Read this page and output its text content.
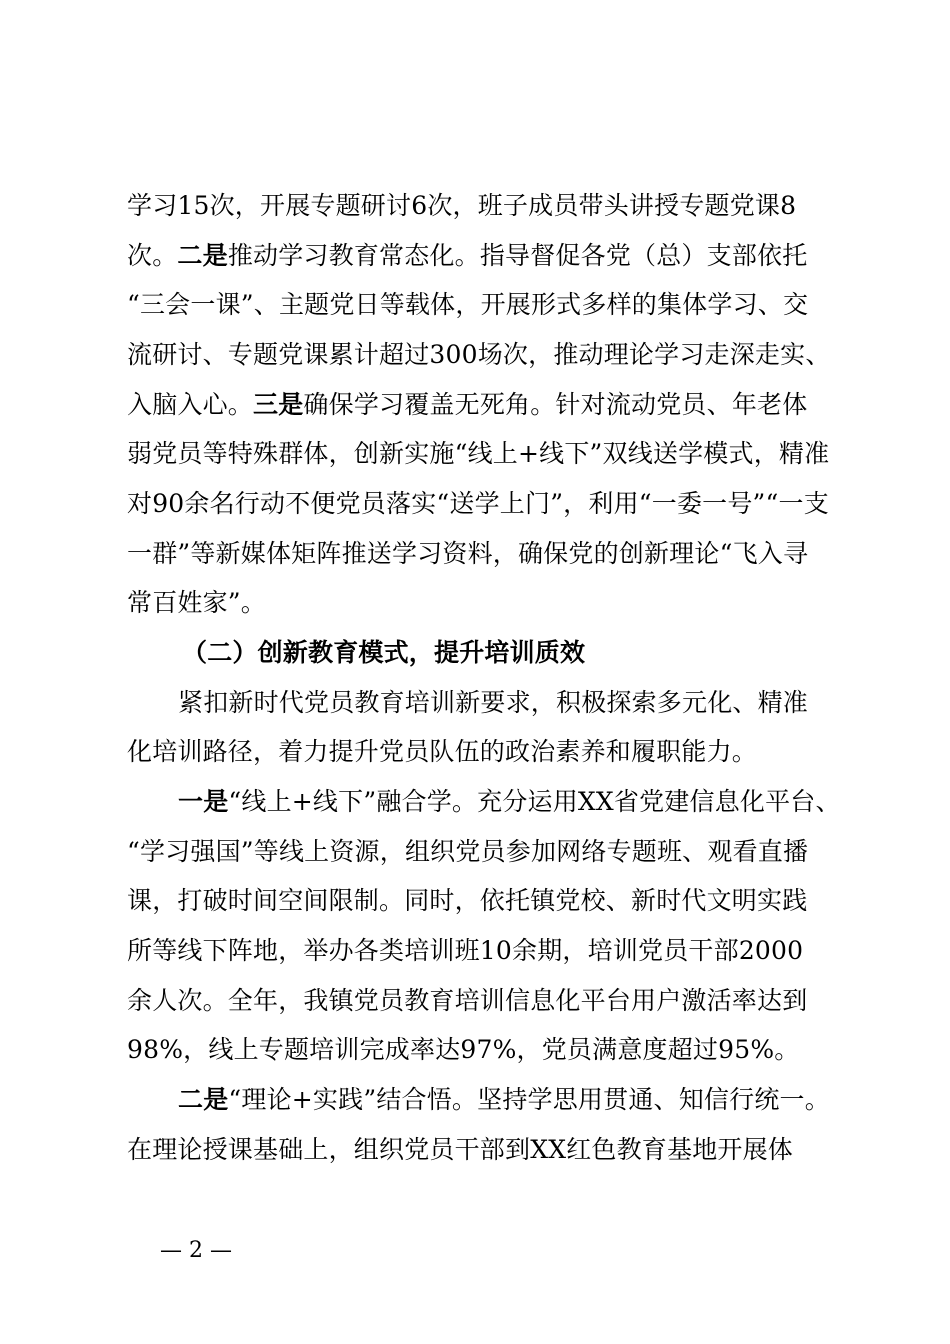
学习15次，开展专题研讨6次，班子成员带头讲授专题党课8
次。二是推动学习教育常态化。指导督促各党（总）支部依托
“三会一课”、主题党日等载体，开展形式多样的集体学习、交
流研讨、专题党课累计超过300场次，推动理论学习走深走实、
入脑入心。三是确保学习覆盖无死角。针对流动党员、年老体
弱党员等特殊群体，创新实施“线上+线下”双线送学模式，精准
对90余名行动不便党员落实“送学上门”，利用“一委一号”“一支
一群”等新媒体矩阵推送学习资料，确保党的创新理论“飞入寻
常百姓家”。
（二）创新教育模式，提升培训质效
紧扣新时代党员教育培训新要求，积极探索多元化、精准
化培训路径，着力提升党员队伍的政治素养和履职能力。
一是“线上+线下”融合学。充分运用XX省党建信息化平台、
“学习强国”等线上资源，组织党员参加网络专题班、观看直播
课，打破时间空间限制。同时，依托镇党校、新时代文明实践
所等线下阵地，举办各类培训班10余期，培训党员干部2000
余人次。全年，我镇党员教育培训信息化平台用户激活率达到
98%，线上专题培训完成率达97%，党员满意度超过95%。
二是“理论+实践”结合悟。坚持学思用贯通、知信行统一。
在理论授课基础上，组织党员干部到XX红色教育基地开展体
— 2 —
